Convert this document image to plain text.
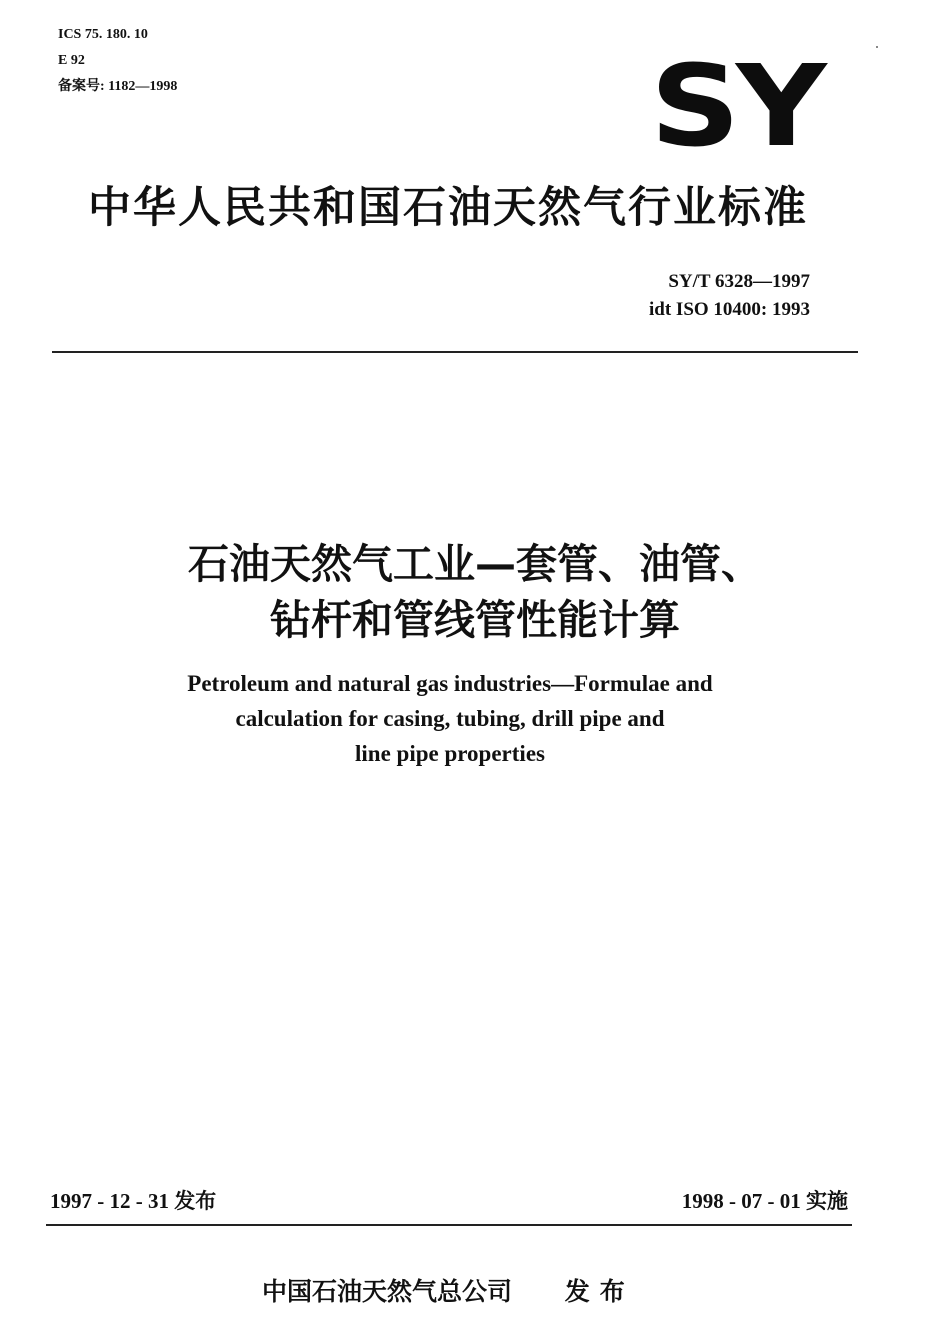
ICS 75. 180. 10
E 92
备案号: 1182—1998	SY
中华人民共和国石油天然气行业标准
SY/T 6328—1997
idt ISO 10400: 1993
石油天然气工业—套管、油管、
钻杆和管线管性能计算
Petroleum and natural gas industries—Formulae and
calculation for casing, tubing, drill pipe and
line pipe properties
1997 - 12 - 31 发布	1998 - 07 - 01 实施
中国石油天然气总公司 发布
